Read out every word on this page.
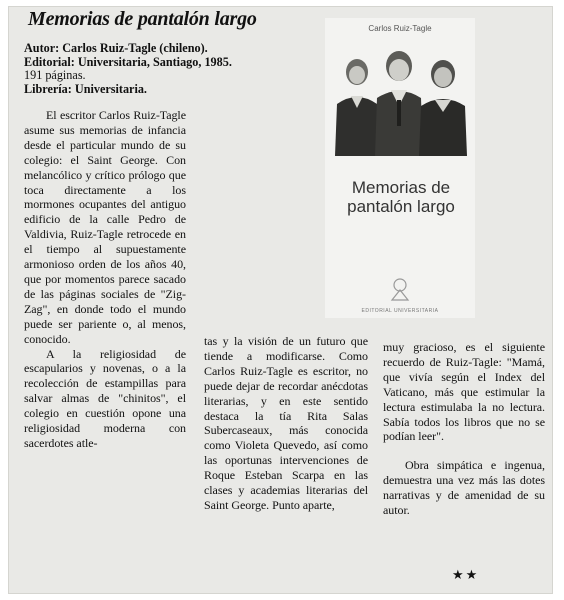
Memorias de pantalón largo
Autor: Carlos Ruiz-Tagle (chileno).
Editorial: Universitaria, Santiago, 1985.
191 páginas.
Librería: Universitaria.

El escritor Carlos Ruiz-Tagle asume sus memorias de infancia desde el particular mundo de su colegio: el Saint George. Con melancólico y crítico prólogo que toca directamente a los mormones ocupantes del antiguo edificio de la calle Pedro de Valdivia, Ruiz-Tagle retrocede en el tiempo al supuestamente armonioso orden de los años 40, que por momentos parece sacado de las páginas sociales de "Zig-Zag", en donde todo el mundo puede ser pariente o, al menos, conocido.

A la religiosidad de escapularios y novenas, o a la recolección de estampillas para salvar almas de "chinitos", el colegio en cuestión opone una religiosidad moderna con sacerdotes atle-

tas y la visión de un futuro que tiende a modificarse. Como Carlos Ruiz-Tagle es escritor, no puede dejar de recordar anécdotas literarias, y en este sentido destaca la tía Rita Salas Subercaseaux, más conocida como Violeta Quevedo, así como las oportunas intervenciones de Roque Esteban Scarpa en las clases y academias literarias del Saint George. Punto aparte,

muy gracioso, es el siguiente recuerdo de Ruiz-Tagle: "Mamá, que vivía según el Index del Vaticano, más que estimular la lectura estimulaba la no lectura. Sabía todos los libros que no se podían leer".

Obra simpática e ingenua, demuestra una vez más las dotes narrativas y de amenidad de su autor.

Carlos Ruiz-Tagle
Memorias de
pantalón largo
EDITORIAL UNIVERSITARIA
★★
